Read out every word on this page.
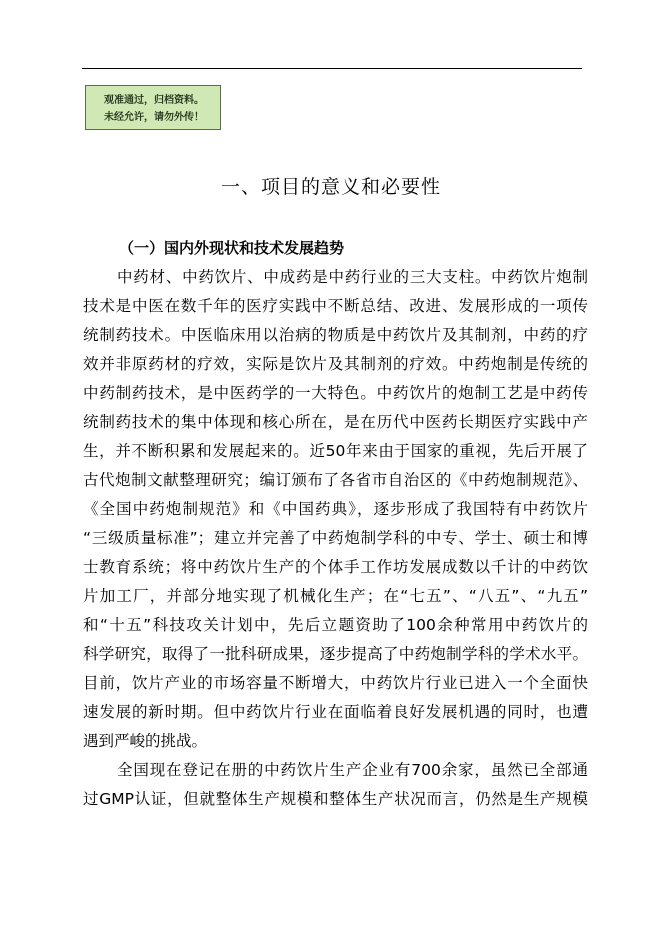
观准通过，归档资料。
未经允许，请勿外传！
一、项目的意义和必要性
（一）国内外现状和技术发展趋势
中药材、中药饮片、中成药是中药行业的三大支柱。中药饮片炮制
技术是中医在数千年的医疗实践中不断总结、改进、发展形成的一项传
统制药技术。中医临床用以治病的物质是中药饮片及其制剂，中药的疗
效并非原药材的疗效，实际是饮片及其制剂的疗效。中药炮制是传统的
中药制药技术，是中医药学的一大特色。中药饮片的炮制工艺是中药传
统制药技术的集中体现和核心所在，是在历代中医药长期医疗实践中产
生，并不断积累和发展起来的。近50年来由于国家的重视，先后开展了
古代炮制文献整理研究；编订颁布了各省市自治区的《中药炮制规范》、
《全国中药炮制规范》和《中国药典》，逐步形成了我国特有中药饮片
“三级质量标准”；建立并完善了中药炮制学科的中专、学士、硕士和博
士教育系统；将中药饮片生产的个体手工作坊发展成数以千计的中药饮
片加工厂，并部分地实现了机械化生产；在“七五”、“八五”、“九五”
和“十五”科技攻关计划中，先后立题资助了100余种常用中药饮片的
科学研究，取得了一批科研成果，逐步提高了中药炮制学科的学术水平。
目前，饮片产业的市场容量不断增大，中药饮片行业已进入一个全面快
速发展的新时期。但中药饮片行业在面临着良好发展机遇的同时，也遭
遇到严峻的挑战。
全国现在登记在册的中药饮片生产企业有700余家，虽然已全部通
过GMP认证，但就整体生产规模和整体生产状况而言，仍然是生产规模
